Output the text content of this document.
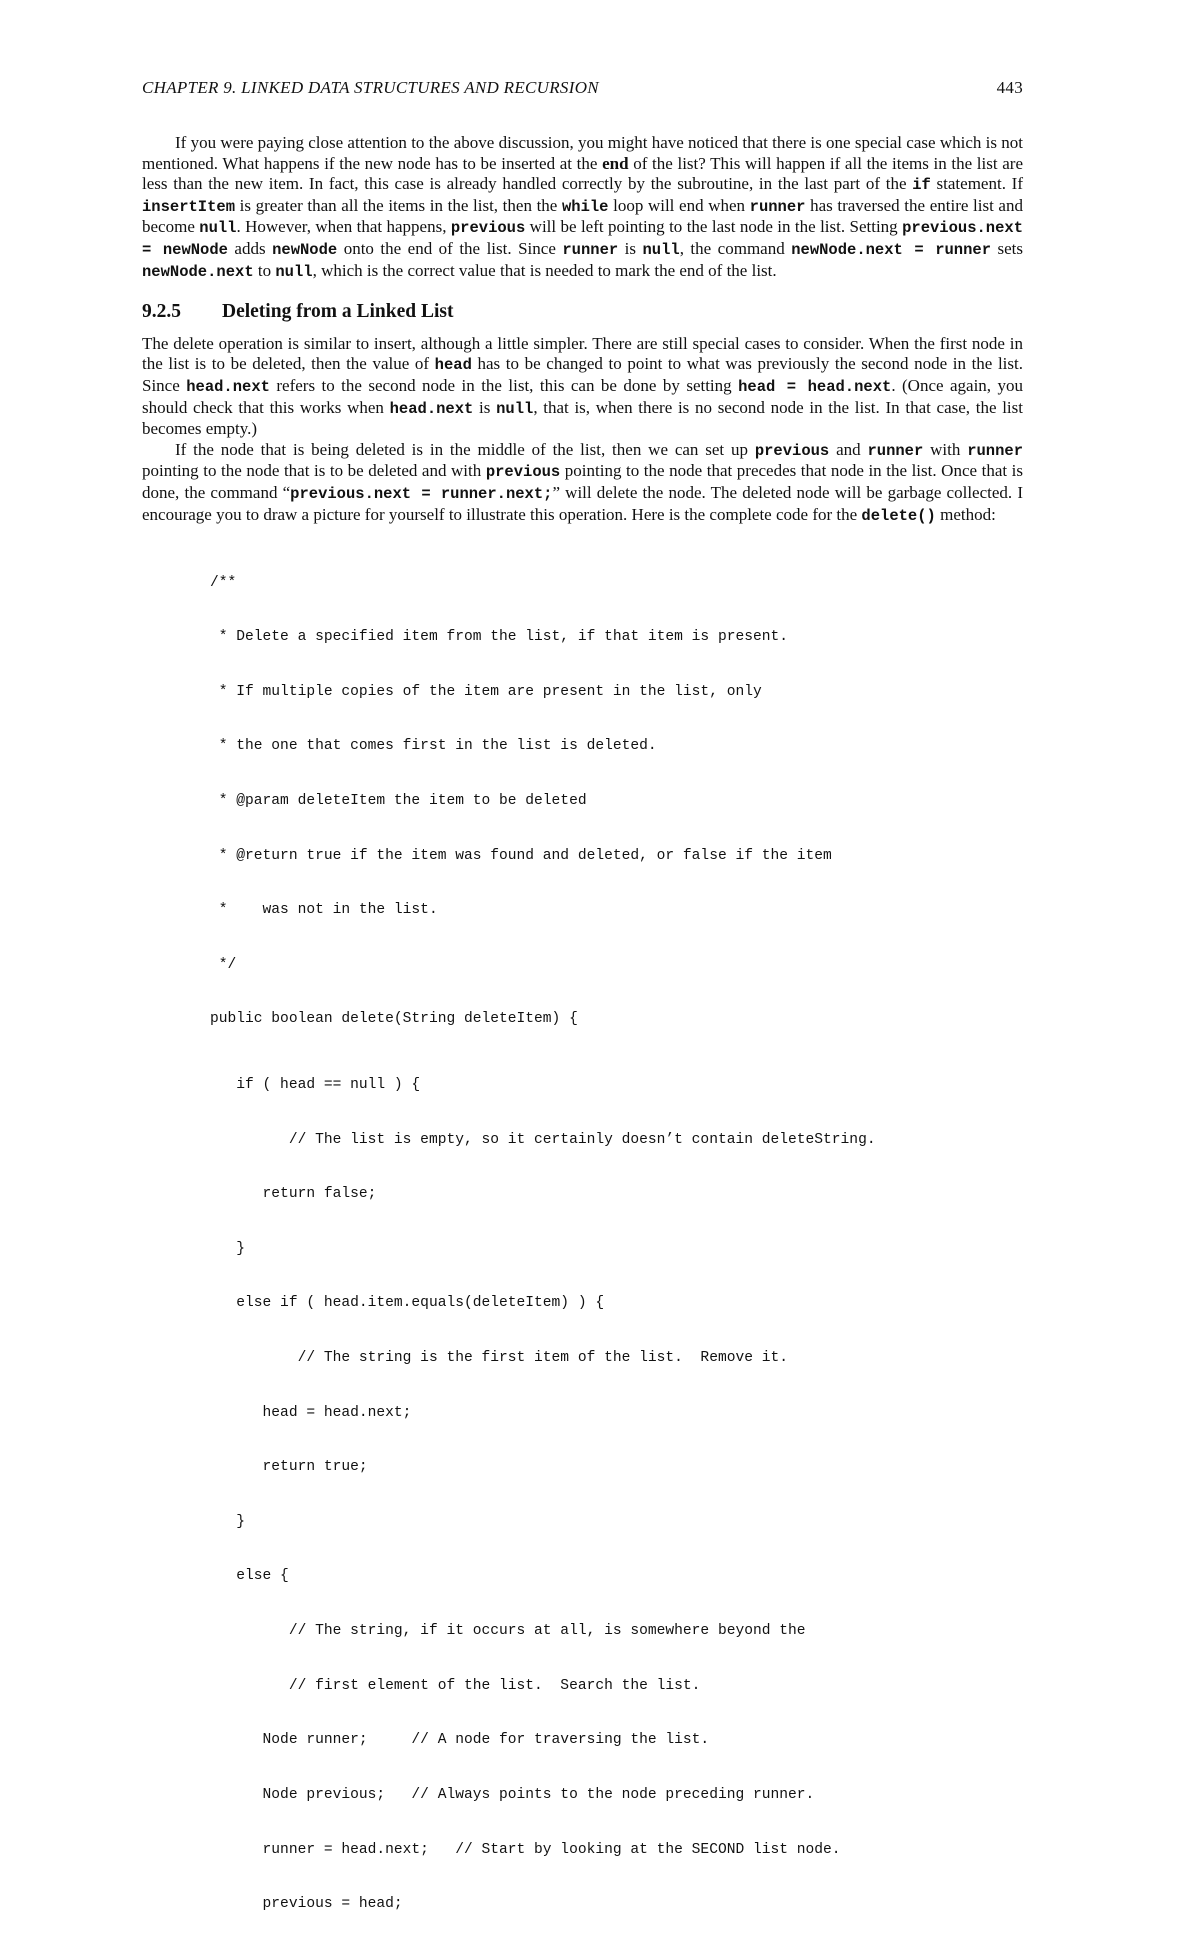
CHAPTER 9. LINKED DATA STRUCTURES AND RECURSION	443

If you were paying close attention to the above discussion, you might have noticed that there is one special case which is not mentioned. What happens if the new node has to be inserted at the end of the list? This will happen if all the items in the list are less than the new item. In fact, this case is already handled correctly by the subroutine, in the last part of the if statement. If insertItem is greater than all the items in the list, then the while loop will end when runner has traversed the entire list and become null. However, when that happens, previous will be left pointing to the last node in the list. Setting previous.next = newNode adds newNode onto the end of the list. Since runner is null, the command newNode.next = runner sets newNode.next to null, which is the correct value that is needed to mark the end of the list.

9.2.5	Deleting from a Linked List

The delete operation is similar to insert, although a little simpler. There are still special cases to consider. When the first node in the list is to be deleted, then the value of head has to be changed to point to what was previously the second node in the list. Since head.next refers to the second node in the list, this can be done by setting head = head.next. (Once again, you should check that this works when head.next is null, that is, when there is no second node in the list. In that case, the list becomes empty.)

If the node that is being deleted is in the middle of the list, then we can set up previous and runner with runner pointing to the node that is to be deleted and with previous pointing to the node that precedes that node in the list. Once that is done, the command “previous.next = runner.next;” will delete the node. The deleted node will be garbage collected. I encourage you to draw a picture for yourself to illustrate this operation. Here is the complete code for the delete() method:

/**

* Delete a specified item from the list, if that item is present.

* If multiple copies of the item are present in the list, only

* the one that comes first in the list is deleted.

* @param deleteItem the item to be deleted

* @return true if the item was found and deleted, or false if the item

*    was not in the list.

*/

public boolean delete(String deleteItem) {

if ( head == null ) {

// The list is empty, so it certainly doesn’t contain deleteString.

return false;

}

else if ( head.item.equals(deleteItem) ) {

// The string is the first item of the list.  Remove it.

head = head.next;

return true;

}

else {

// The string, if it occurs at all, is somewhere beyond the

// first element of the list.  Search the list.

Node runner;     // A node for traversing the list.

Node previous;   // Always points to the node preceding runner.

runner = head.next;   // Start by looking at the SECOND list node.

previous = head;
